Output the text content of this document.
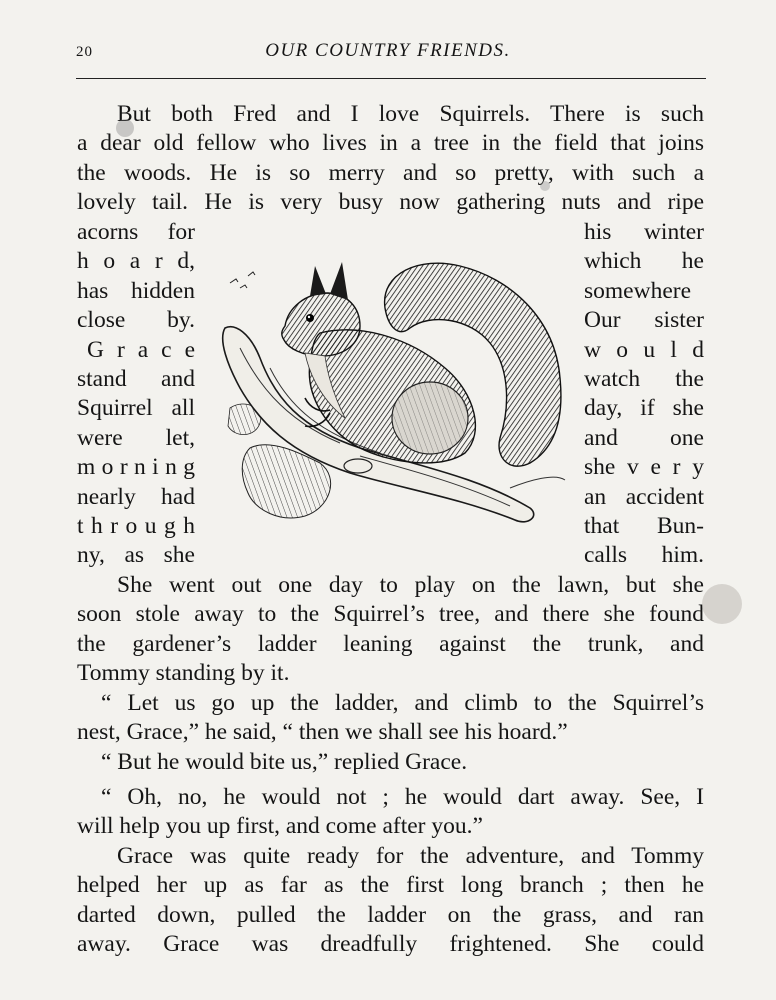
20	OUR COUNTRY FRIENDS.
But both Fred and I love Squirrels. There is such
a dear old fellow who lives in a tree in the field that joins
the woods. He is so merry and so pretty, with such a
lovely tail. He is very busy now gathering nuts and ripe
acorns for
h o a r d,
has hidden
close by.
G r a c e
stand and
Squirrel all
were let,
m o r n i n g
nearly had
t h r o u g h
ny, as she
his winter
which he
somewhere
Our sister
w o u l d
watch the
day, if she
and one
she v e r y
an accident
that Bun-
calls him.
She went out one day to play on the lawn, but she
soon stole away to the Squirrel’s tree, and there she found
the gardener’s ladder leaning against the trunk, and
Tommy standing by it.
“ Let us go up the ladder, and climb to the Squirrel’s
nest, Grace,” he said, “ then we shall see his hoard.”
“ But he would bite us,” replied Grace.
“ Oh, no, he would not ; he would dart away. See, I
will help you up first, and come after you.”
Grace was quite ready for the adventure, and Tommy
helped her up as far as the first long branch ; then he
darted down, pulled the ladder on the grass, and ran
away. Grace was dreadfully frightened. She could
